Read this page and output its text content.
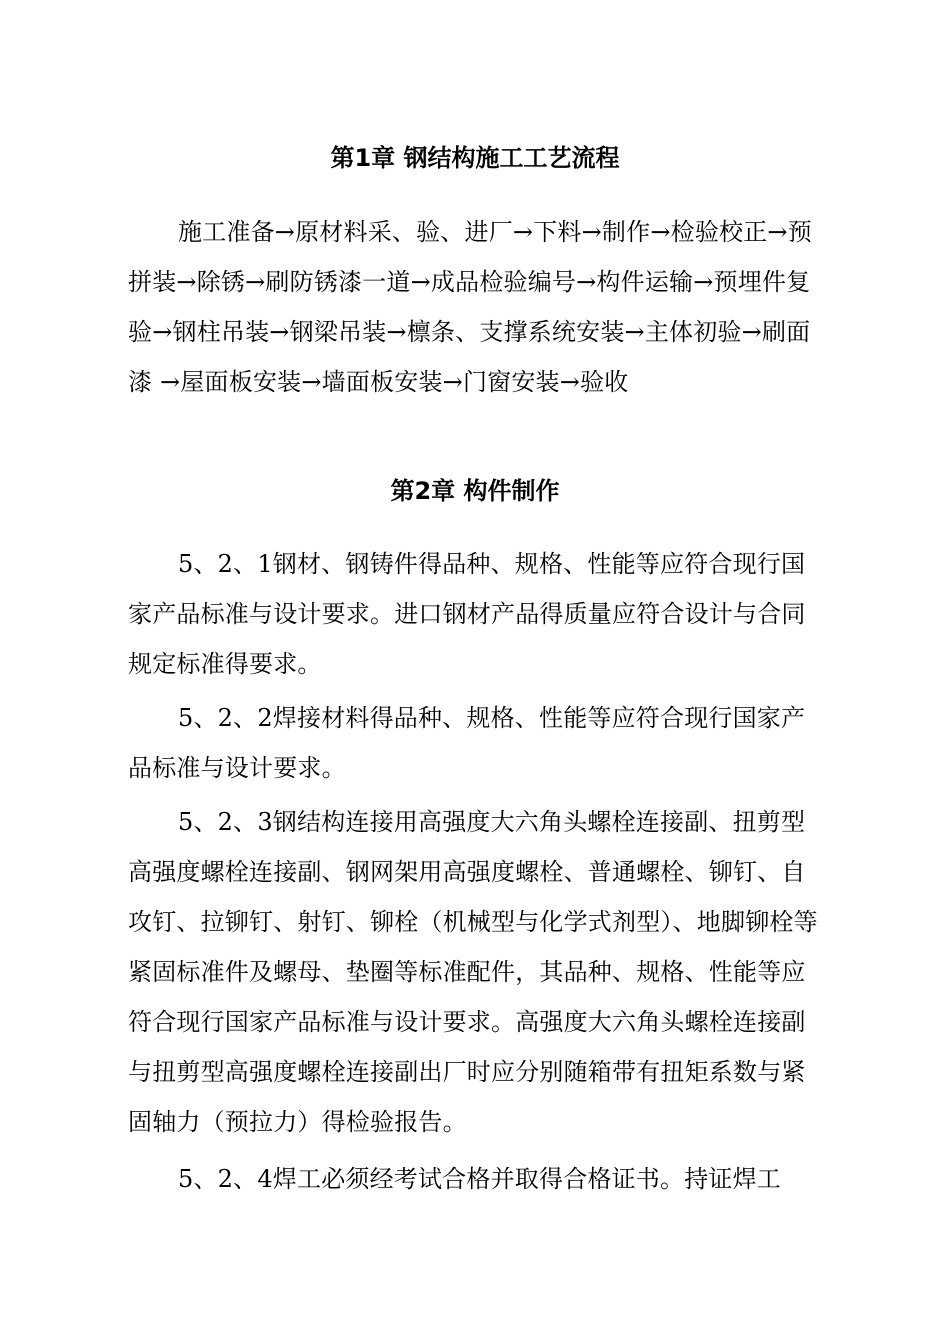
第1章 钢结构施工工艺流程
施工准备→原材料采、验、进厂→下料→制作→检验校正→预拼装→除锈→刷防锈漆一道→成品检验编号→构件运输→预埋件复验→钢柱吊装→钢梁吊装→檩条、支撑系统安装→主体初验→刷面漆 →屋面板安装→墙面板安装→门窗安装→验收
第2章 构件制作
5、2、1钢材、钢铸件得品种、规格、性能等应符合现行国家产品标准与设计要求。进口钢材产品得质量应符合设计与合同规定标准得要求。
5、2、2焊接材料得品种、规格、性能等应符合现行国家产品标准与设计要求。
5、2、3钢结构连接用高强度大六角头螺栓连接副、扭剪型高强度螺栓连接副、钢网架用高强度螺栓、普通螺栓、铆钉、自攻钉、拉铆钉、射钉、铆栓（机械型与化学式剂型）、地脚铆栓等紧固标准件及螺母、垫圈等标准配件，其品种、规格、性能等应符合现行国家产品标准与设计要求。高强度大六角头螺栓连接副与扭剪型高强度螺栓连接副出厂时应分别随箱带有扭矩系数与紧固轴力（预拉力）得检验报告。
5、2、4焊工必须经考试合格并取得合格证书。持证焊工
